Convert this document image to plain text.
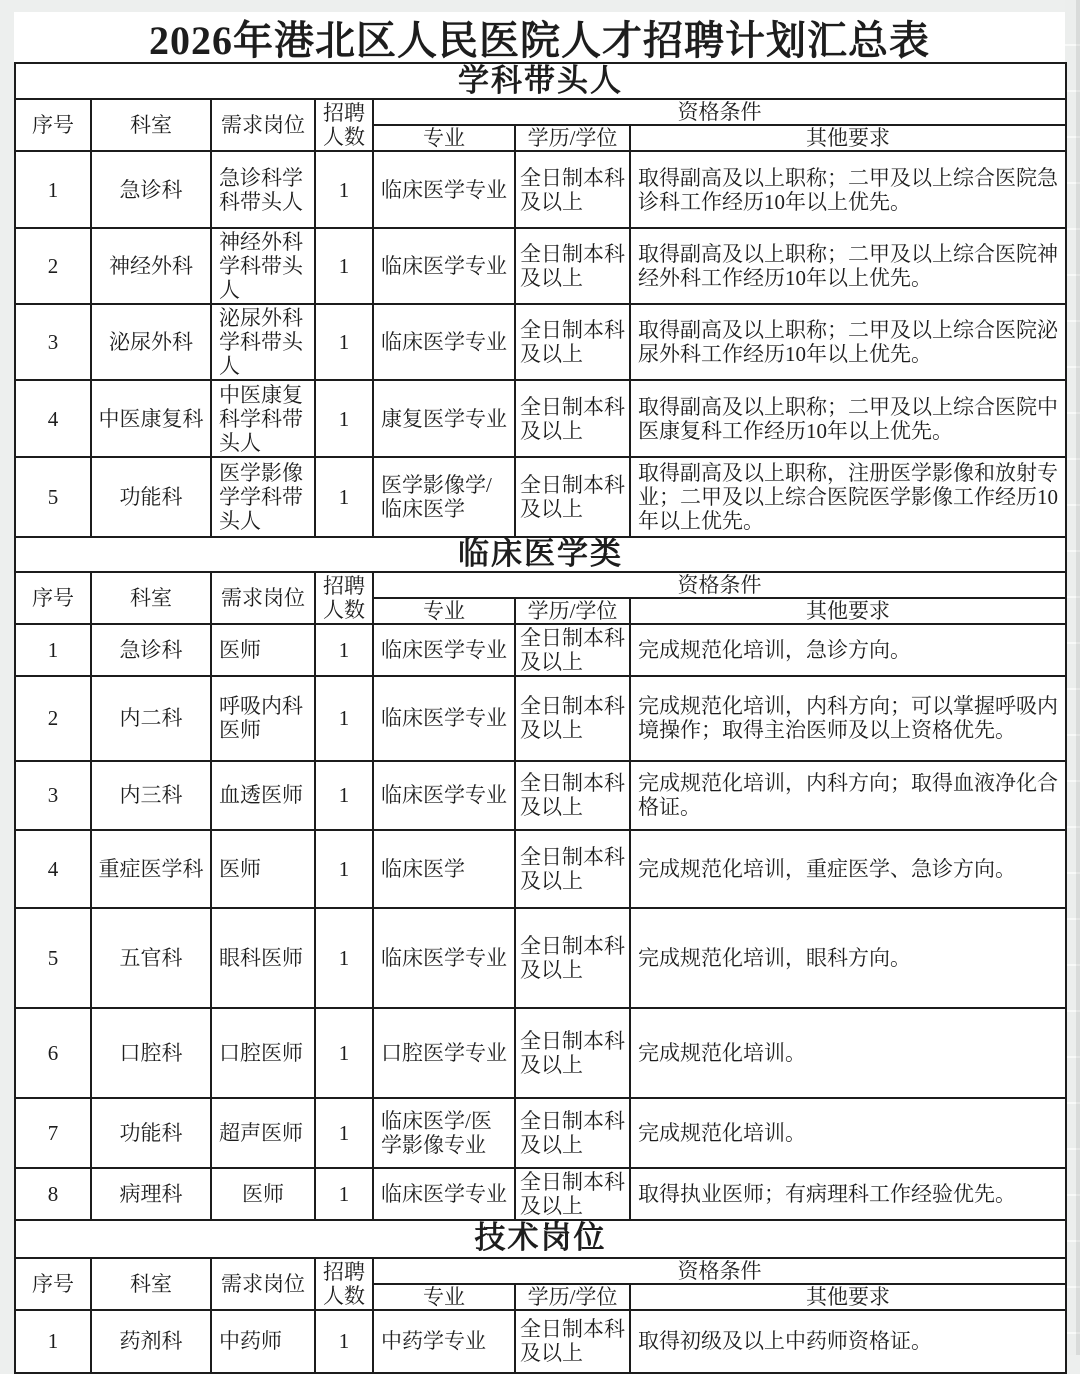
2026年港北区人民医院人才招聘计划汇总表
学科带头人						
序号	科室	需求岗位	招聘人数	资格条件		
				专业	学历/学位	其他要求
1	急诊科	急诊科学科带头人	1	临床医学专业	全日制本科及以上	取得副高及以上职称；二甲及以上综合医院急诊科工作经历10年以上优先。
2	神经外科	神经外科学科带头人	1	临床医学专业	全日制本科及以上	取得副高及以上职称；二甲及以上综合医院神经外科工作经历10年以上优先。
3	泌尿外科	泌尿外科学科带头人	1	临床医学专业	全日制本科及以上	取得副高及以上职称；二甲及以上综合医院泌尿外科工作经历10年以上优先。
4	中医康复科	中医康复科学科带头人	1	康复医学专业	全日制本科及以上	取得副高及以上职称；二甲及以上综合医院中医康复科工作经历10年以上优先。
5	功能科	医学影像学学科带头人	1	医学影像学/临床医学	全日制本科及以上	取得副高及以上职称，注册医学影像和放射专业；二甲及以上综合医院医学影像工作经历10年以上优先。
临床医学类						
序号	科室	需求岗位	招聘人数	资格条件		
				专业	学历/学位	其他要求
1	急诊科	医师	1	临床医学专业	全日制本科及以上	完成规范化培训，急诊方向。
2	内二科	呼吸内科医师	1	临床医学专业	全日制本科及以上	完成规范化培训，内科方向；可以掌握呼吸内境操作；取得主治医师及以上资格优先。
3	内三科	血透医师	1	临床医学专业	全日制本科及以上	完成规范化培训，内科方向；取得血液净化合格证。
4	重症医学科	医师	1	临床医学	全日制本科及以上	完成规范化培训，重症医学、急诊方向。
5	五官科	眼科医师	1	临床医学专业	全日制本科及以上	完成规范化培训，眼科方向。
6	口腔科	口腔医师	1	口腔医学专业	全日制本科及以上	完成规范化培训。
7	功能科	超声医师	1	临床医学/医学影像专业	全日制本科及以上	完成规范化培训。
8	病理科	医师	1	临床医学专业	全日制本科及以上	取得执业医师；有病理科工作经验优先。
技术岗位						
序号	科室	需求岗位	招聘人数	资格条件		
				专业	学历/学位	其他要求
1	药剂科	中药师	1	中药学专业	全日制本科及以上	取得初级及以上中药师资格证。
